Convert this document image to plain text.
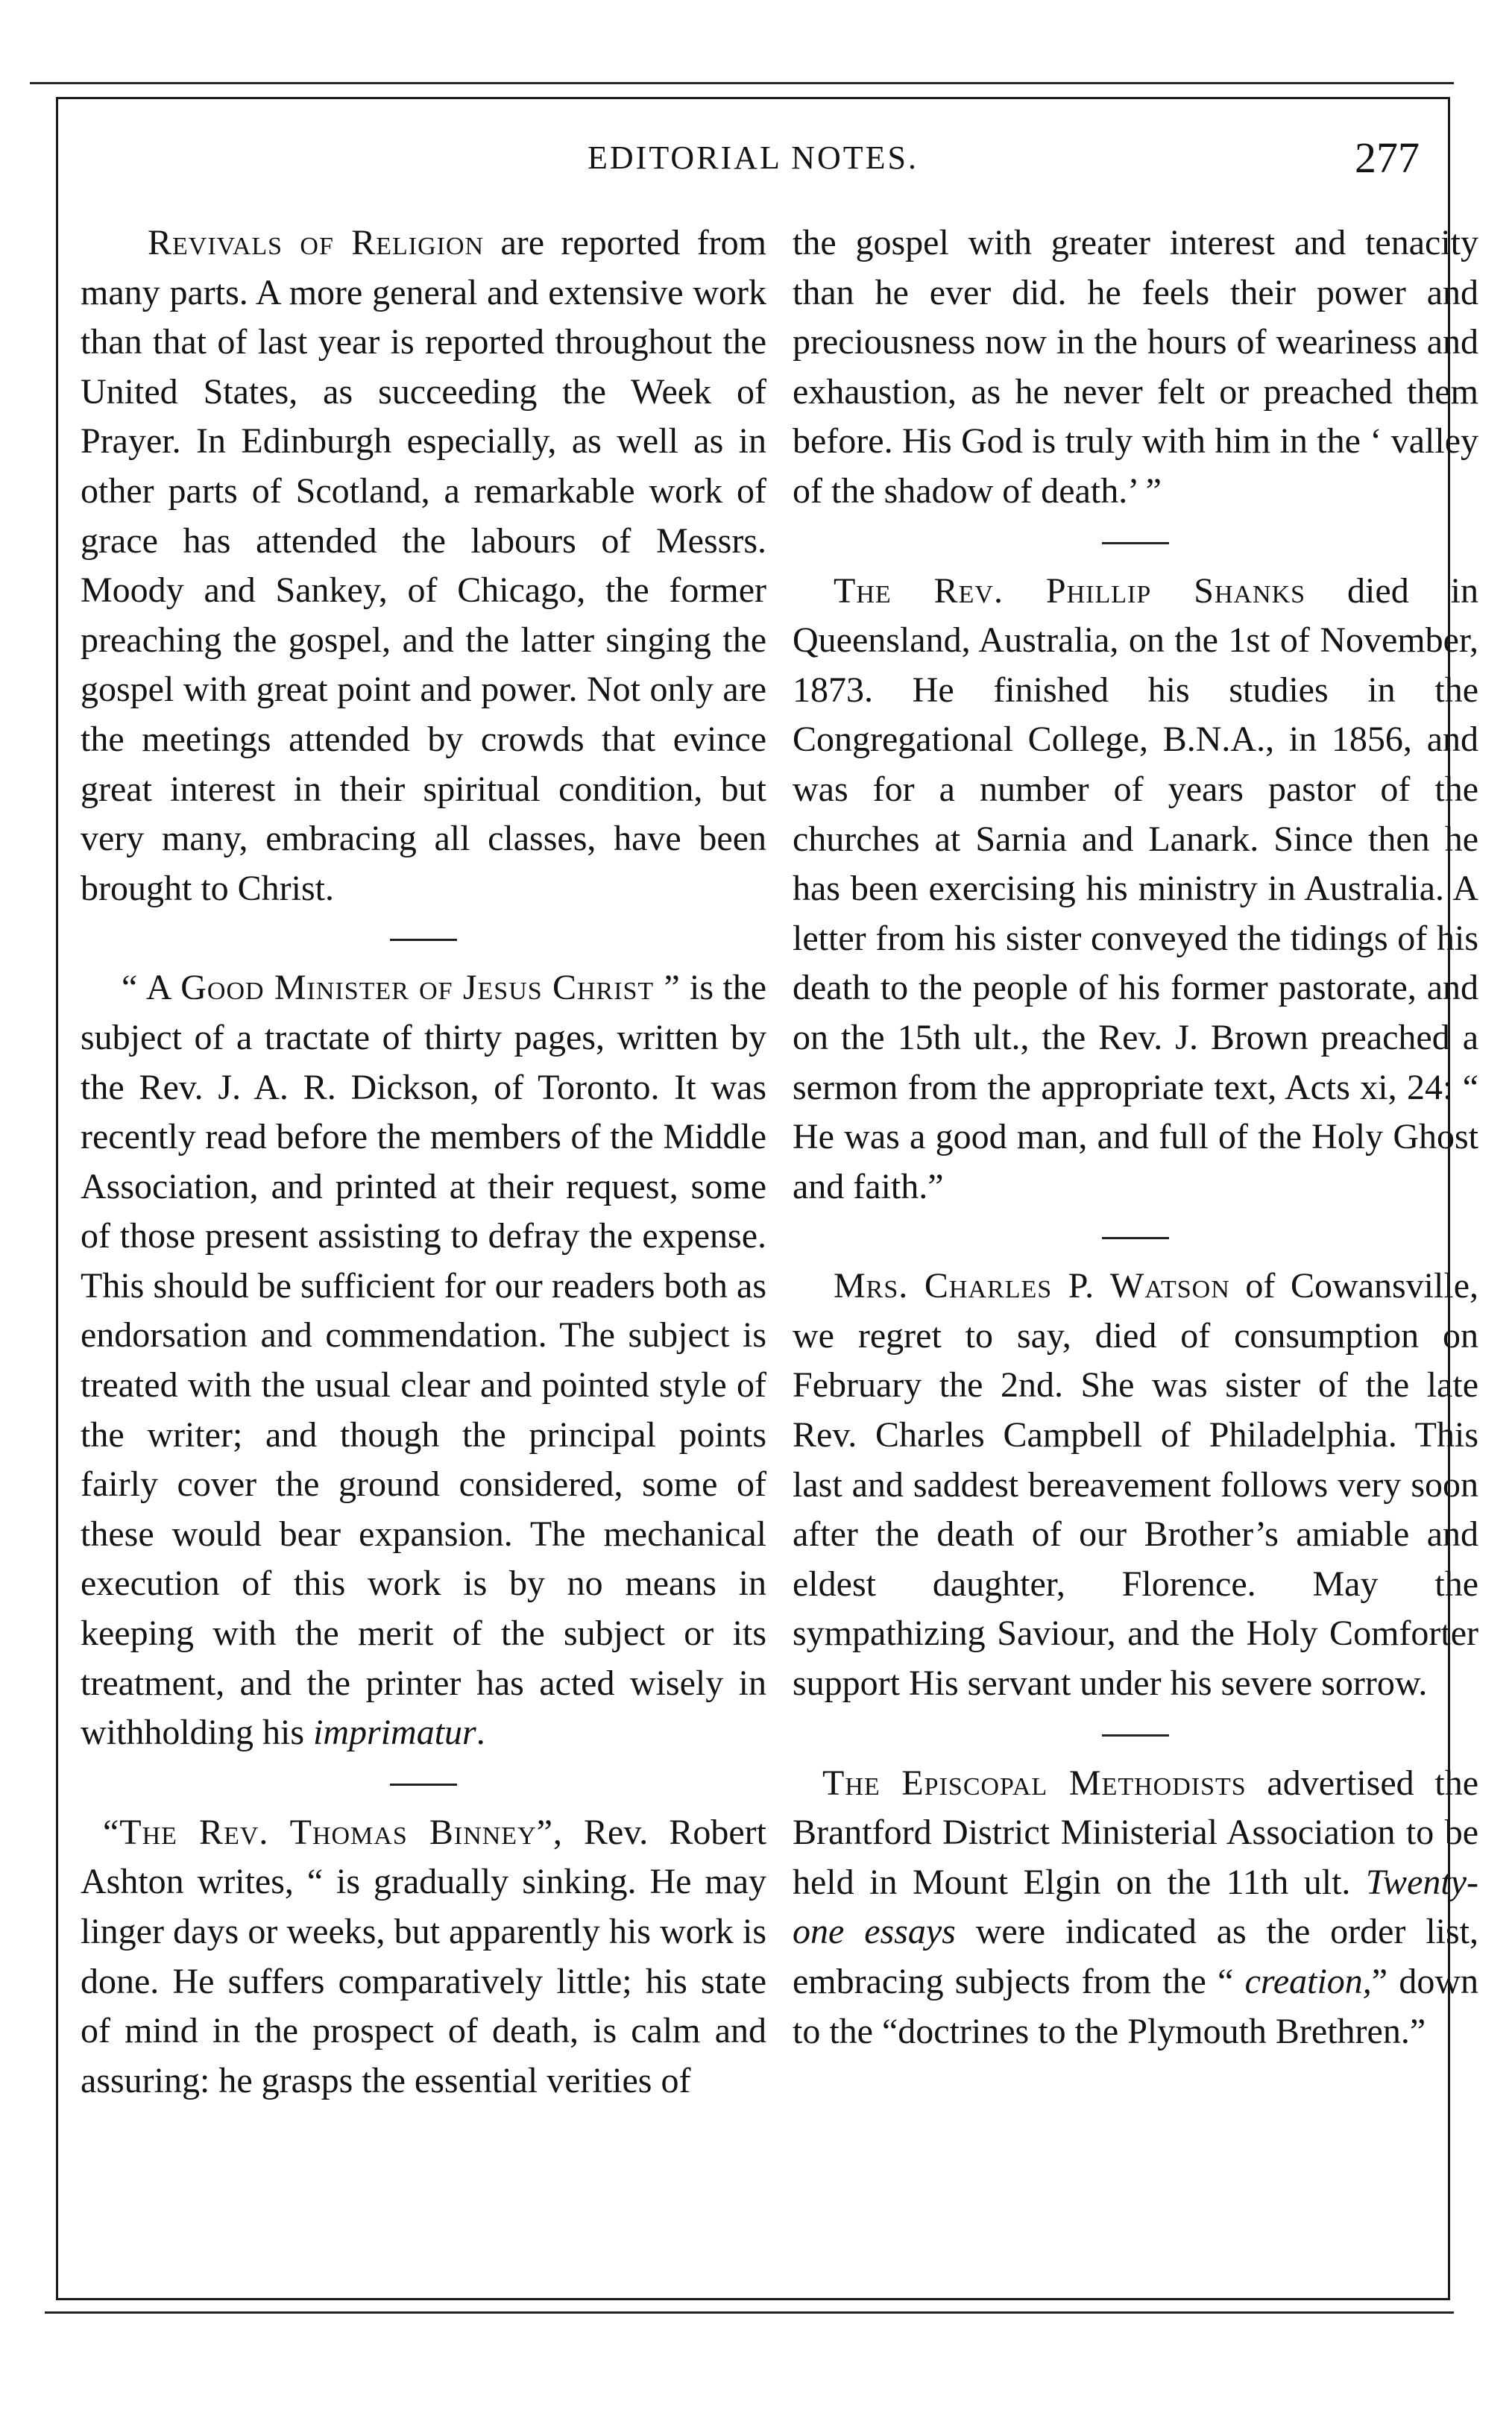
EDITORIAL NOTES.	277

Revivals of Religion are reported from many parts. A more general and extensive work than that of last year is reported throughout the United States, as succeeding the Week of Prayer. In Edinburgh especially, as well as in other parts of Scotland, a remarkable work of grace has attended the labours of Messrs. Moody and Sankey, of Chicago, the former preaching the gospel, and the latter singing the gospel with great point and power. Not only are the meetings attended by crowds that evince great interest in their spiritual condition, but very many, embracing all classes, have been brought to Christ.

“ A Good Minister of Jesus Christ ” is the subject of a tractate of thirty pages, written by the Rev. J. A. R. Dickson, of Toronto. It was recently read before the members of the Middle Association, and printed at their request, some of those present assisting to defray the expense. This should be sufficient for our readers both as endorsation and commendation. The subject is treated with the usual clear and pointed style of the writer; and though the principal points fairly cover the ground considered, some of these would bear expansion. The mechanical execution of this work is by no means in keeping with the merit of the subject or its treatment, and the printer has acted wisely in withholding his imprimatur.

“The Rev. Thomas Binney”, Rev. Robert Ashton writes, “ is gradually sinking. He may linger days or weeks, but apparently his work is done. He suffers comparatively little; his state of mind in the prospect of death, is calm and assuring: he grasps the essential verities of

the gospel with greater interest and tenacity than he ever did. he feels their power and preciousness now in the hours of weariness and exhaustion, as he never felt or preached them before. His God is truly with him in the ‘ valley of the shadow of death.’ ”

The Rev. Phillip Shanks died in Queensland, Australia, on the 1st of November, 1873. He finished his studies in the Congregational College, B.N.A., in 1856, and was for a number of years pastor of the churches at Sarnia and Lanark. Since then he has been exercising his ministry in Australia. A letter from his sister conveyed the tidings of his death to the people of his former pastorate, and on the 15th ult., the Rev. J. Brown preached a sermon from the appropriate text, Acts xi, 24: “ He was a good man, and full of the Holy Ghost and faith.”

Mrs. Charles P. Watson of Cowansville, we regret to say, died of consumption on February the 2nd. She was sister of the late Rev. Charles Campbell of Philadelphia. This last and saddest bereavement follows very soon after the death of our Brother’s amiable and eldest daughter, Florence. May the sympathizing Saviour, and the Holy Comforter support His servant under his severe sorrow.

The Episcopal Methodists advertised the Brantford District Ministerial Association to be held in Mount Elgin on the 11th ult. Twenty-one essays were indicated as the order list, embracing subjects from the “ creation,” down to the “doctrines to the Plymouth Brethren.”
